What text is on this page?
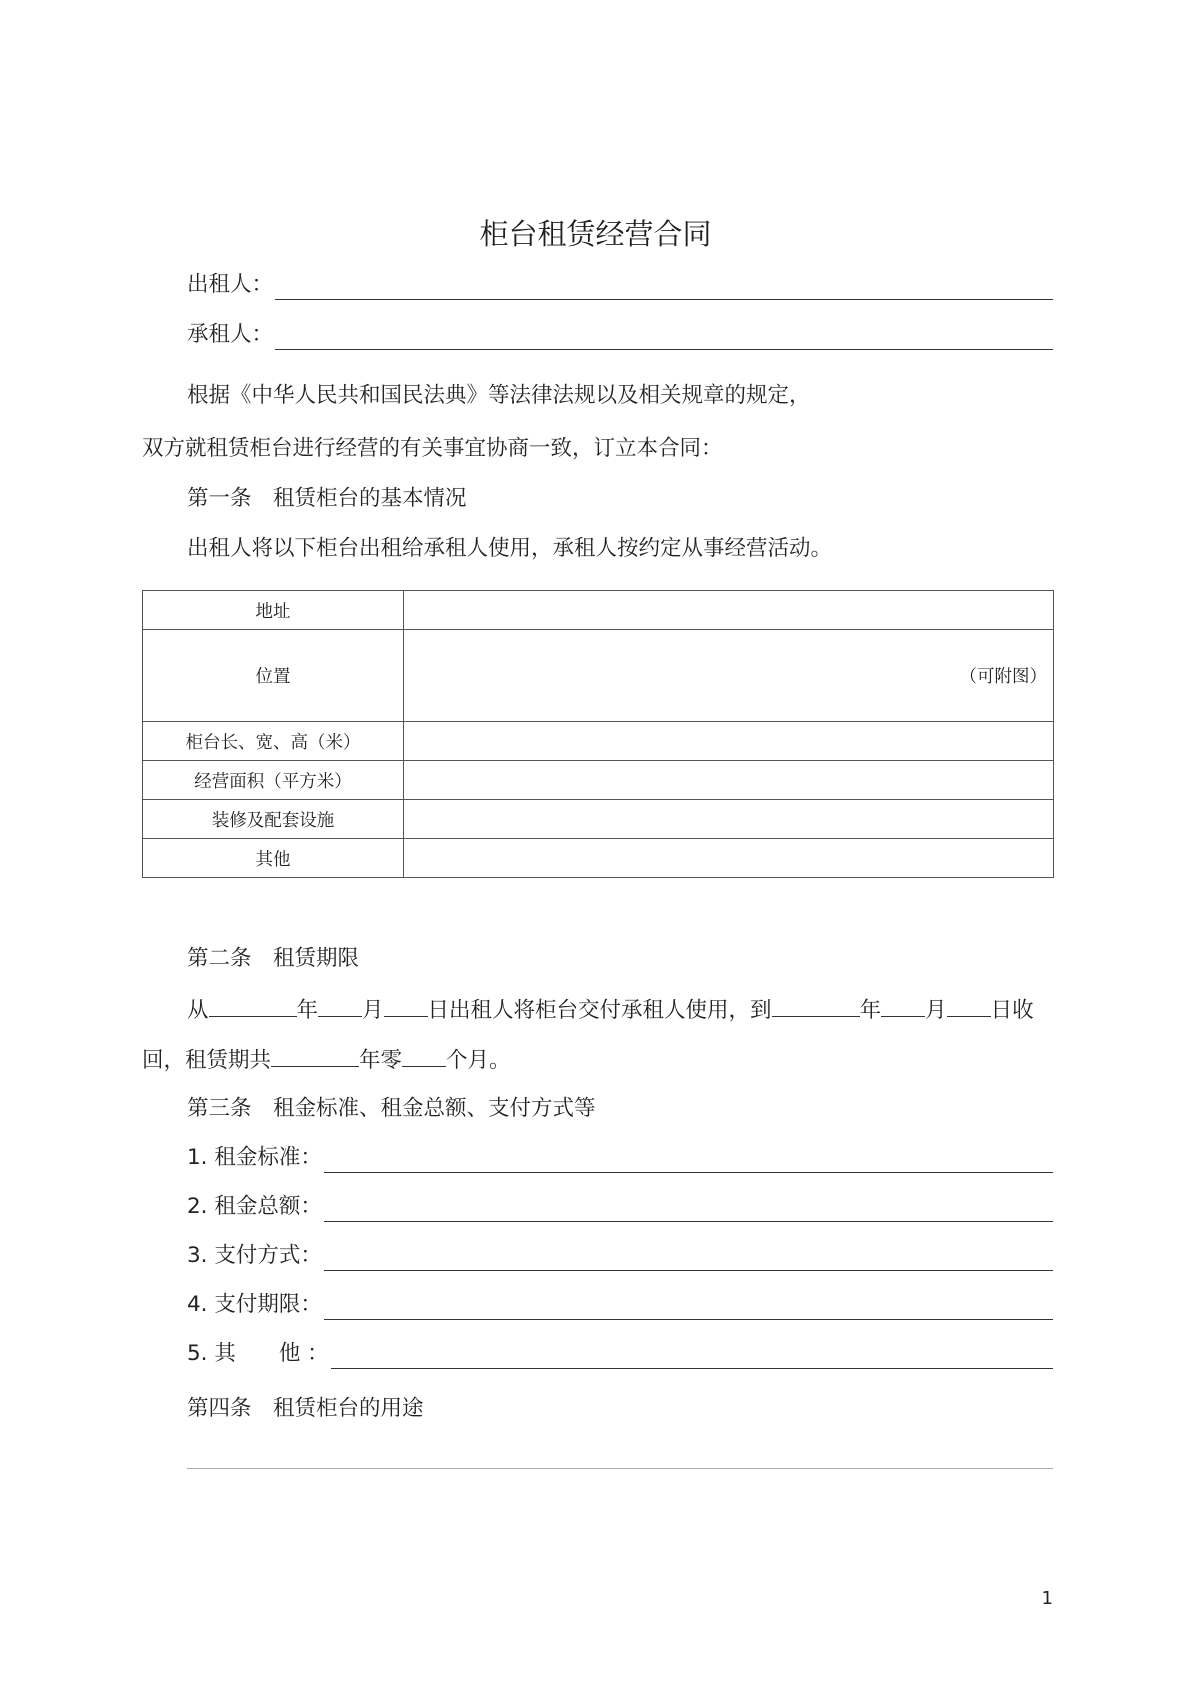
柜台租赁经营合同
出租人：
承租人：
根据《中华人民共和国民法典》等法律法规以及相关规章的规定，
双方就租赁柜台进行经营的有关事宜协商一致，订立本合同：
第一条　租赁柜台的基本情况
出租人将以下柜台出租给承租人使用，承租人按约定从事经营活动。
地址	
位置	（可附图）
柜台长、宽、高（米）	
经营面积（平方米）	
装修及配套设施	
其他	
第二条　租赁期限
从	年 月 日出租人将柜台交付承租人使用，到	年 月 日收
回，租赁期共	年零 个月。
第三条　租金标准、租金总额、支付方式等
1. 租金标准：
2. 租金总额：
3. 支付方式：
4. 支付期限：
5. 其　　他 ：
第四条　租赁柜台的用途
1
